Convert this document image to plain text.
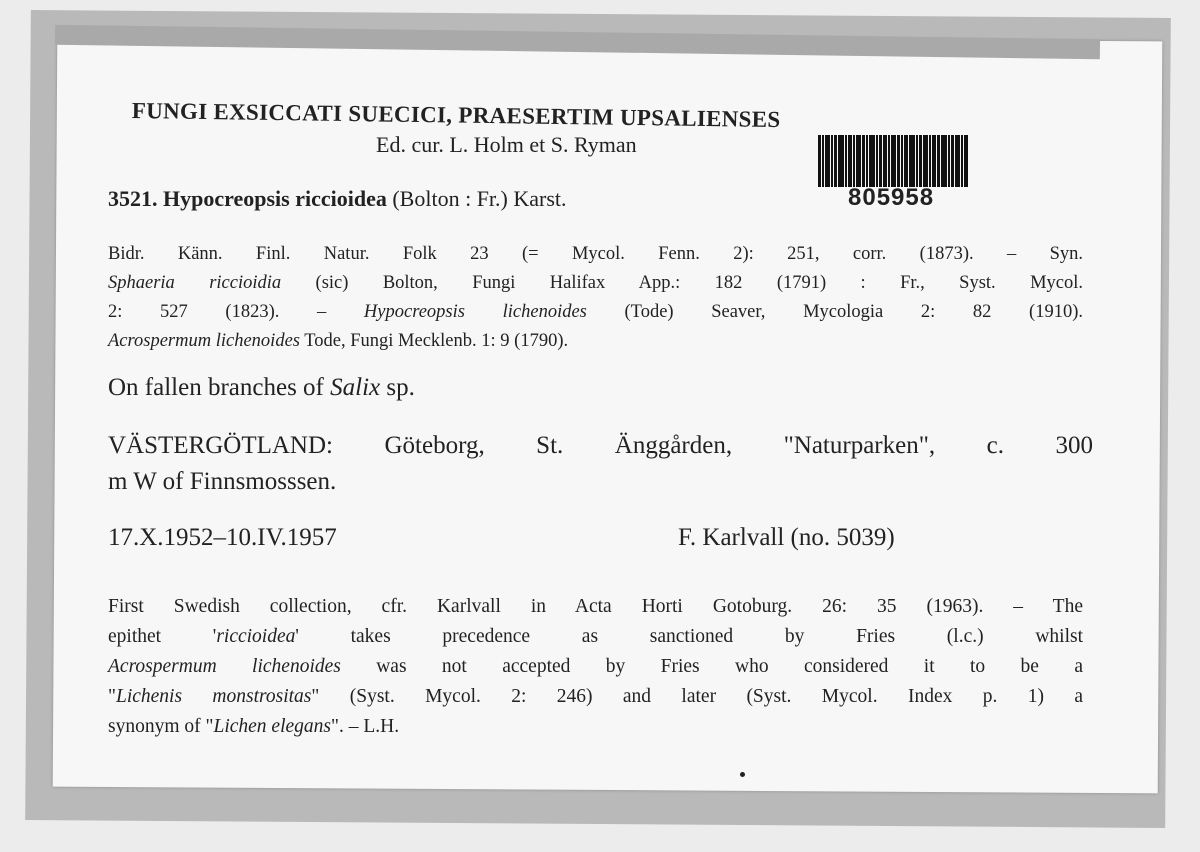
FUNGI EXSICCATI SUECICI, PRAESERTIM UPSALIENSES
Ed. cur. L. Holm et S. Ryman
805958
3521. Hypocreopsis riccioidea (Bolton : Fr.) Karst.
Bidr. Känn. Finl. Natur. Folk 23 (= Mycol. Fenn. 2): 251, corr. (1873). – Syn.
Sphaeria riccioidia (sic) Bolton, Fungi Halifax App.: 182 (1791) : Fr., Syst. Mycol.
2: 527 (1823). – Hypocreopsis lichenoides (Tode) Seaver, Mycologia 2: 82 (1910).
Acrospermum lichenoides Tode, Fungi Mecklenb. 1: 9 (1790).
On fallen branches of Salix sp.
VÄSTERGÖTLAND: Göteborg, St. Änggården, "Naturparken", c. 300
m W of Finnsmosssen.
17.X.1952–10.IV.1957	F. Karlvall (no. 5039)
First Swedish collection, cfr. Karlvall in Acta Horti Gotoburg. 26: 35 (1963). – The
epithet 'riccioidea' takes precedence as sanctioned by Fries (l.c.) whilst
Acrospermum lichenoides was not accepted by Fries who considered it to be a
"Lichenis monstrositas" (Syst. Mycol. 2: 246) and later (Syst. Mycol. Index p. 1) a
synonym of "Lichen elegans". – L.H.
